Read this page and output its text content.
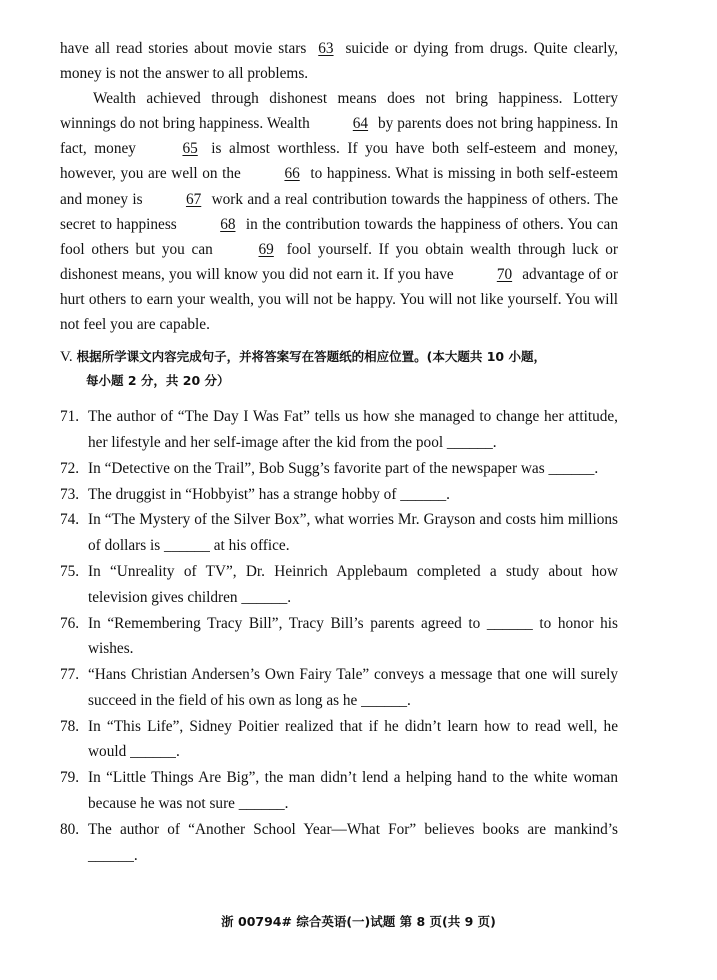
have all read stories about movie stars 63 suicide or dying from drugs. Quite clearly, money is not the answer to all problems.

Wealth achieved through dishonest means does not bring happiness. Lottery winnings do not bring happiness. Wealth	64 by parents does not bring happiness. In fact, money	65 is almost worthless. If you have both self-esteem and money, however, you are well on the	66 to happiness. What is missing in both self-esteem and money is	67 work and a real contribution towards the happiness of others. The secret to happiness	68 in the contribution towards the happiness of others. You can fool others but you can	69 fool yourself. If you obtain wealth through luck or dishonest means, you will know you did not earn it. If you have	70 advantage of or hurt others to earn your wealth, you will not be happy. You will not like yourself. You will not feel you are capable.

V. 根据所学课文内容完成句子，并将答案写在答题纸的相应位置。(本大题共 10 小题，
每小题 2 分，共 20 分）
71. The author of “The Day I Was Fat” tells us how she managed to change her attitude, her lifestyle and her self-image after the kid from the pool ______.
72. In “Detective on the Trail”, Bob Sugg’s favorite part of the newspaper was ______.
73. The druggist in “Hobbyist” has a strange hobby of ______.
74. In “The Mystery of the Silver Box”, what worries Mr. Grayson and costs him millions of dollars is ______ at his office.
75. In “Unreality of TV”, Dr. Heinrich Applebaum completed a study about how television gives children ______.
76. In “Remembering Tracy Bill”, Tracy Bill’s parents agreed to ______ to honor his wishes.
77. “Hans Christian Andersen’s Own Fairy Tale” conveys a message that one will surely succeed in the field of his own as long as he ______.
78. In “This Life”, Sidney Poitier realized that if he didn’t learn how to read well, he would ______.
79. In “Little Things Are Big”, the man didn’t lend a helping hand to the white woman because he was not sure ______.
80. The author of “Another School Year—What For” believes books are mankind’s ______.
浙 00794# 综合英语(一)试题 第 8 页(共 9 页)
